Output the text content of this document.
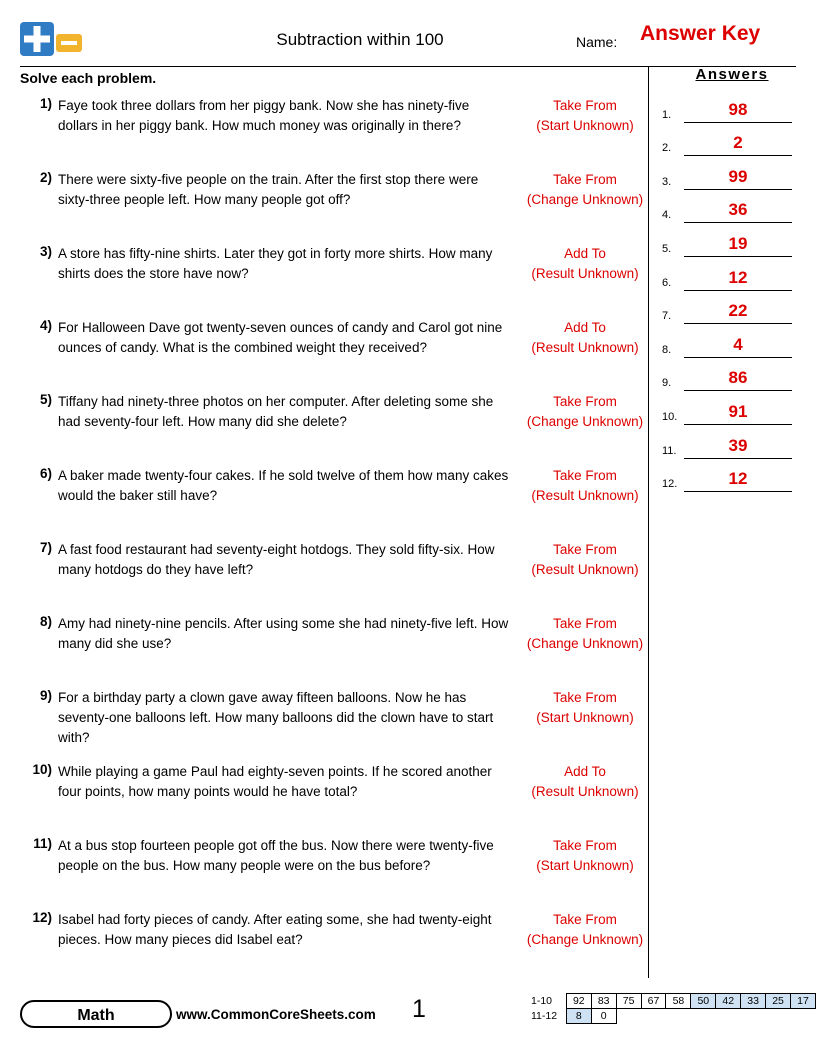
Subtraction within 100	Name: Answer Key
Solve each problem.
1) Faye took three dollars from her piggy bank. Now she has ninety-five dollars in her piggy bank. How much money was originally in there?
Take From
(Start Unknown)
2) There were sixty-five people on the train. After the first stop there were sixty-three people left. How many people got off?
Take From
(Change Unknown)
3) A store has fifty-nine shirts. Later they got in forty more shirts. How many shirts does the store have now?
Add To
(Result Unknown)
4) For Halloween Dave got twenty-seven ounces of candy and Carol got nine ounces of candy. What is the combined weight they received?
Add To
(Result Unknown)
5) Tiffany had ninety-three photos on her computer. After deleting some she had seventy-four left. How many did she delete?
Take From
(Change Unknown)
6) A baker made twenty-four cakes. If he sold twelve of them how many cakes would the baker still have?
Take From
(Result Unknown)
7) A fast food restaurant had seventy-eight hotdogs. They sold fifty-six. How many hotdogs do they have left?
Take From
(Result Unknown)
8) Amy had ninety-nine pencils. After using some she had ninety-five left. How many did she use?
Take From
(Change Unknown)
9) For a birthday party a clown gave away fifteen balloons. Now he has seventy-one balloons left. How many balloons did the clown have to start with?
Take From
(Start Unknown)
10) While playing a game Paul had eighty-seven points. If he scored another four points, how many points would he have total?
Add To
(Result Unknown)
11) At a bus stop fourteen people got off the bus. Now there were twenty-five people on the bus. How many people were on the bus before?
Take From
(Start Unknown)
12) Isabel had forty pieces of candy. After eating some, she had twenty-eight pieces. How many pieces did Isabel eat?
Take From
(Change Unknown)
Answers
1.	98
2.	2
3.	99
4.	36
5.	19
6.	12
7.	22
8.	4
9.	86
10.	91
11.	39
12.	12
Math	www.CommonCoreSheets.com 1	1-10	92	83	75	67	58	50	42	33	25	17
11-12	8	0								
